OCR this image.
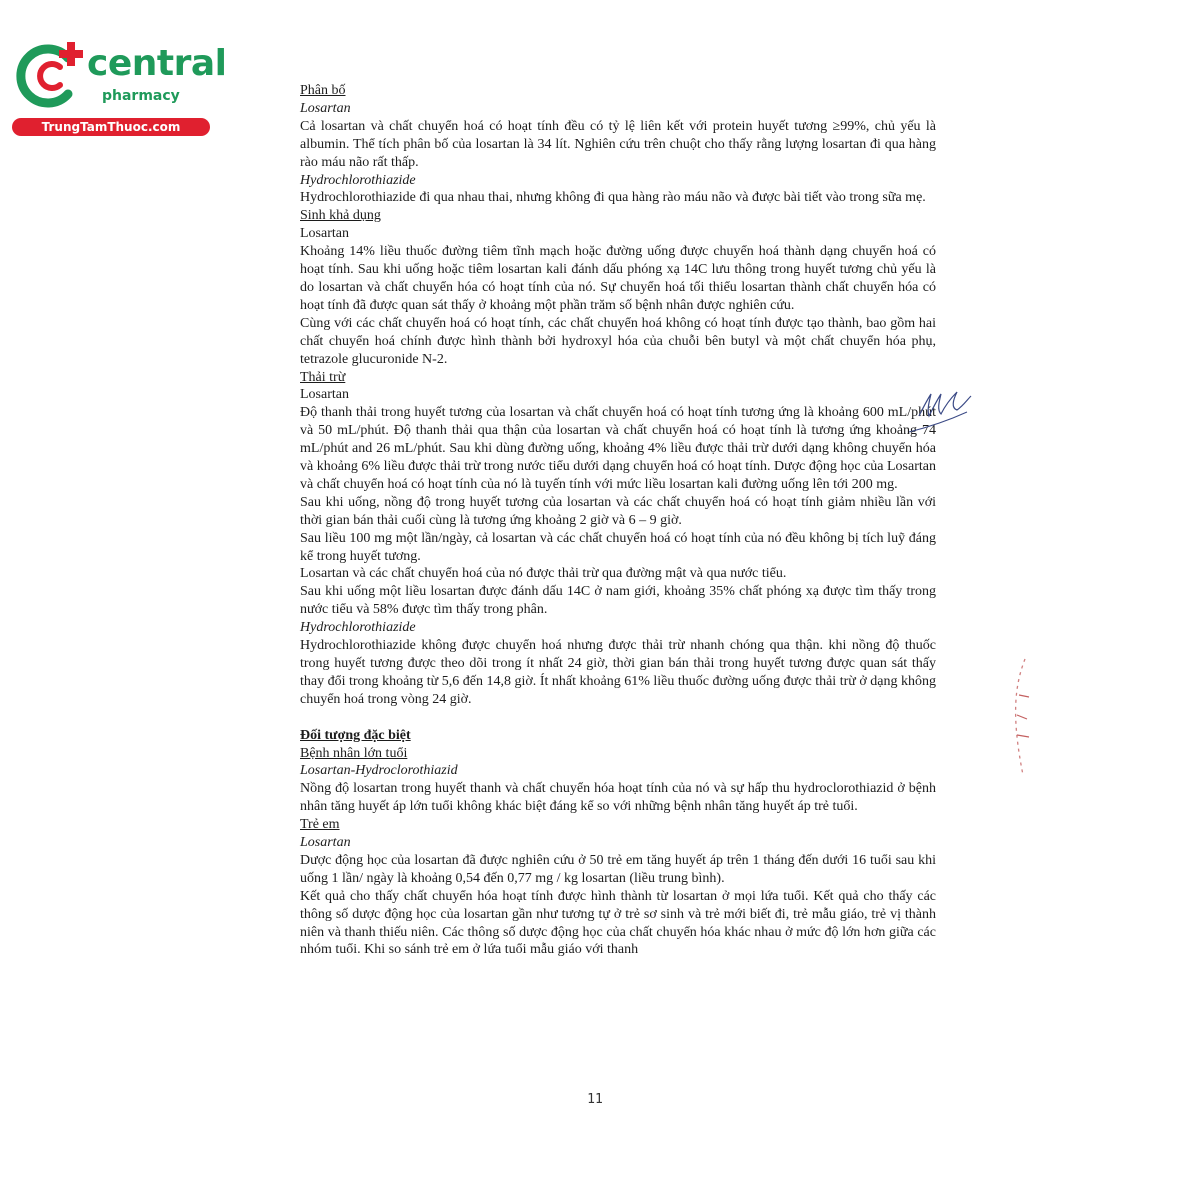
central
pharmacy
TrungTamThuoc.com

Phân bố

Losartan

Cả losartan và chất chuyển hoá có hoạt tính đều có tỷ lệ liên kết với protein huyết tương ≥99%, chủ yếu là albumin. Thể tích phân bố của losartan là 34 lít. Nghiên cứu trên chuột cho thấy rằng lượng losartan đi qua hàng rào máu não rất thấp.

Hydrochlorothiazide

Hydrochlorothiazide đi qua nhau thai, nhưng không đi qua hàng rào máu não và được bài tiết vào trong sữa mẹ.

Sinh khả dụng

Losartan

Khoảng 14% liều thuốc đường tiêm tĩnh mạch hoặc đường uống được chuyển hoá thành dạng chuyển hoá có hoạt tính. Sau khi uống hoặc tiêm losartan kali đánh dấu phóng xạ 14C lưu thông trong huyết tương chủ yếu là do losartan và chất chuyển hóa có hoạt tính của nó. Sự chuyển hoá tối thiểu losartan thành chất chuyển hóa có hoạt tính đã được quan sát thấy ở khoảng một phần trăm số bệnh nhân được nghiên cứu.

Cùng với các chất chuyển hoá có hoạt tính, các chất chuyển hoá không có hoạt tính được tạo thành, bao gồm hai chất chuyển hoá chính được hình thành bởi hydroxyl hóa của chuỗi bên butyl và một chất chuyển hóa phụ, tetrazole glucuronide N-2.

Thải trừ

Losartan

Độ thanh thải trong huyết tương của losartan và chất chuyển hoá có hoạt tính tương ứng là khoảng 600 mL/phút và 50 mL/phút. Độ thanh thải qua thận của losartan và chất chuyển hoá có hoạt tính là tương ứng khoảng 74 mL/phút and 26 mL/phút. Sau khi dùng đường uống, khoảng 4% liều được thải trừ dưới dạng không chuyển hóa và khoảng 6% liều được thải trừ trong nước tiểu dưới dạng chuyển hoá có hoạt tính. Dược động học của Losartan và chất chuyển hoá có hoạt tính của nó là tuyến tính với mức liều losartan kali đường uống lên tới 200 mg.

Sau khi uống, nồng độ trong huyết tương của losartan và các chất chuyển hoá có hoạt tính giảm nhiều lần với thời gian bán thải cuối cùng là tương ứng khoảng 2 giờ và 6 – 9 giờ.

Sau liều 100 mg một lần/ngày, cả losartan và các chất chuyển hoá có hoạt tính của nó đều không bị tích luỹ đáng kể trong huyết tương.

Losartan và các chất chuyển hoá của nó được thải trừ qua đường mật và qua nước tiểu.

Sau khi uống một liều losartan được đánh dấu 14C ở nam giới, khoảng 35% chất phóng xạ được tìm thấy trong nước tiểu và 58% được tìm thấy trong phân.

Hydrochlorothiazide

Hydrochlorothiazide không được chuyển hoá nhưng được thải trừ nhanh chóng qua thận. khi nồng độ thuốc trong huyết tương được theo dõi trong ít nhất 24 giờ, thời gian bán thải trong huyết tương được quan sát thấy thay đổi trong khoảng từ 5,6 đến 14,8 giờ. Ít nhất khoảng 61% liều thuốc đường uống được thải trừ ở dạng không chuyển hoá trong vòng 24 giờ.

Đối tượng đặc biệt

Bệnh nhân lớn tuổi

Losartan-Hydroclorothiazid

Nồng độ losartan trong huyết thanh và chất chuyển hóa hoạt tính của nó và sự hấp thu hydroclorothiazid ở bệnh nhân tăng huyết áp lớn tuổi không khác biệt đáng kể so với những bệnh nhân tăng huyết áp trẻ tuổi.

Trẻ em

Losartan

Dược động học của losartan đã được nghiên cứu ở 50 trẻ em tăng huyết áp trên 1 tháng đến dưới 16 tuổi sau khi uống 1 lần/ ngày là khoảng 0,54 đến 0,77 mg / kg losartan (liều trung bình).

Kết quả cho thấy chất chuyển hóa hoạt tính được hình thành từ losartan ở mọi lứa tuổi. Kết quả cho thấy các thông số dược động học của losartan gần như tương tự ở trẻ sơ sinh và trẻ mới biết đi, trẻ mẫu giáo, trẻ vị thành niên và thanh thiếu niên. Các thông số dược động học của chất chuyển hóa khác nhau ở mức độ lớn hơn giữa các nhóm tuổi. Khi so sánh trẻ em ở lứa tuổi mẫu giáo với thanh

11
